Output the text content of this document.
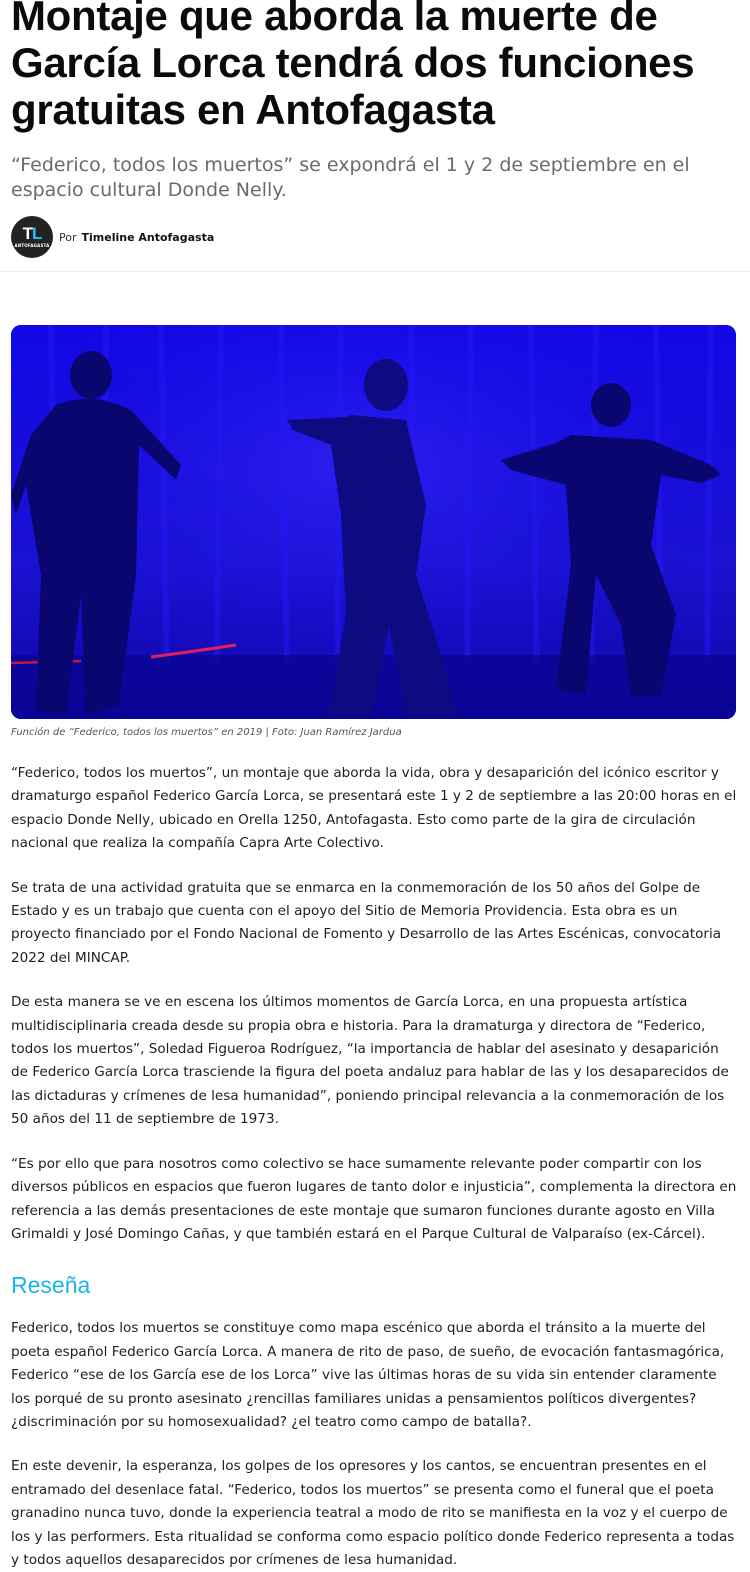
Montaje que aborda la muerte de García Lorca tendrá dos funciones gratuitas en Antofagasta

“Federico, todos los muertos” se expondrá el 1 y 2 de septiembre en el espacio cultural Donde Nelly.

TL
ANTOFAGASTA
Por Timeline Antofagasta
Función de “Federico, todos los muertos” en 2019 | Foto: Juan Ramírez Jardua

“Federico, todos los muertos”, un montaje que aborda la vida, obra y desaparición del icónico escritor y dramaturgo español Federico García Lorca, se presentará este 1 y 2 de septiembre a las 20:00 horas en el espacio Donde Nelly, ubicado en Orella 1250, Antofagasta. Esto como parte de la gira de circulación nacional que realiza la compañía Capra Arte Colectivo.

Se trata de una actividad gratuita que se enmarca en la conmemoración de los 50 años del Golpe de Estado y es un trabajo que cuenta con el apoyo del Sitio de Memoria Providencia. Esta obra es un proyecto financiado por el Fondo Nacional de Fomento y Desarrollo de las Artes Escénicas, convocatoria 2022 del MINCAP.

De esta manera se ve en escena los últimos momentos de García Lorca, en una propuesta artística multidisciplinaria creada desde su propia obra e historia. Para la dramaturga y directora de “Federico, todos los muertos”, Soledad Figueroa Rodríguez, “la importancia de hablar del asesinato y desaparición de Federico García Lorca trasciende la figura del poeta andaluz para hablar de las y los desaparecidos de las dictaduras y crímenes de lesa humanidad”, poniendo principal relevancia a la conmemoración de los 50 años del 11 de septiembre de 1973.

“Es por ello que para nosotros como colectivo se hace sumamente relevante poder compartir con los diversos públicos en espacios que fueron lugares de tanto dolor e injusticia”, complementa la directora en referencia a las demás presentaciones de este montaje que sumaron funciones durante agosto en Villa Grimaldi y José Domingo Cañas, y que también estará en el Parque Cultural de Valparaíso (ex-Cárcel).

Reseña

Federico, todos los muertos se constituye como mapa escénico que aborda el tránsito a la muerte del poeta español Federico García Lorca. A manera de rito de paso, de sueño, de evocación fantasmagórica, Federico “ese de los García ese de los Lorca” vive las últimas horas de su vida sin entender claramente los porqué de su pronto asesinato ¿rencillas familiares unidas a pensamientos políticos divergentes? ¿discriminación por su homosexualidad? ¿el teatro como campo de batalla?.

En este devenir, la esperanza, los golpes de los opresores y los cantos, se encuentran presentes en el entramado del desenlace fatal. “Federico, todos los muertos” se presenta como el funeral que el poeta granadino nunca tuvo, donde la experiencia teatral a modo de rito se manifiesta en la voz y el cuerpo de los y las performers. Esta ritualidad se conforma como espacio político donde Federico representa a todas y todos aquellos desaparecidos por crímenes de lesa humanidad.
